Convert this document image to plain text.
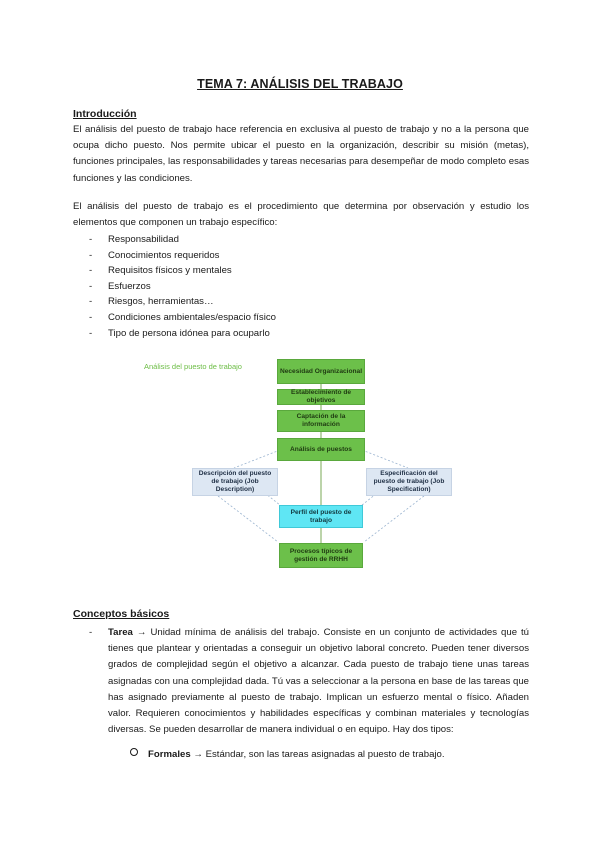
TEMA 7: ANÁLISIS DEL TRABAJO
Introducción

El análisis del puesto de trabajo hace referencia en exclusiva al puesto de trabajo y no a la persona que ocupa dicho puesto. Nos permite ubicar el puesto en la organización, describir su misión (metas), funciones principales, las responsabilidades y tareas necesarias para desempeñar de modo completo esas funciones y las condiciones.

El análisis del puesto de trabajo es el procedimiento que determina por observación y estudio los elementos que componen un trabajo específico:

- Responsabilidad
- Conocimientos requeridos
- Requisitos físicos y mentales
- Esfuerzos
- Riesgos, herramientas…
- Condiciones ambientales/espacio físico
- Tipo de persona idónea para ocuparlo
Análisis del puesto de trabajo	Necesidad Organizacional
Establecimiento de objetivos
Captación de la información
Análisis de puestos
Descripción del puesto de trabajo (Job Description)
Especificación del puesto de trabajo (Job Specification)
Perfil del puesto de trabajo
Procesos típicos de gestión de RRHH
Conceptos básicos
- Tarea → Unidad mínima de análisis del trabajo. Consiste en un conjunto de actividades que tú tienes que plantear y orientadas a conseguir un objetivo laboral concreto. Pueden tener diversos grados de complejidad según el objetivo a alcanzar. Cada puesto de trabajo tiene unas tareas asignadas con una complejidad dada. Tú vas a seleccionar a la persona en base de las tareas que has asignado previamente al puesto de trabajo. Implican un esfuerzo mental o físico. Añaden valor. Requieren conocimientos y habilidades específicas y combinan materiales y tecnologías diversas. Se pueden desarrollar de manera individual o en equipo. Hay dos tipos:

Formales → Estándar, son las tareas asignadas al puesto de trabajo.
